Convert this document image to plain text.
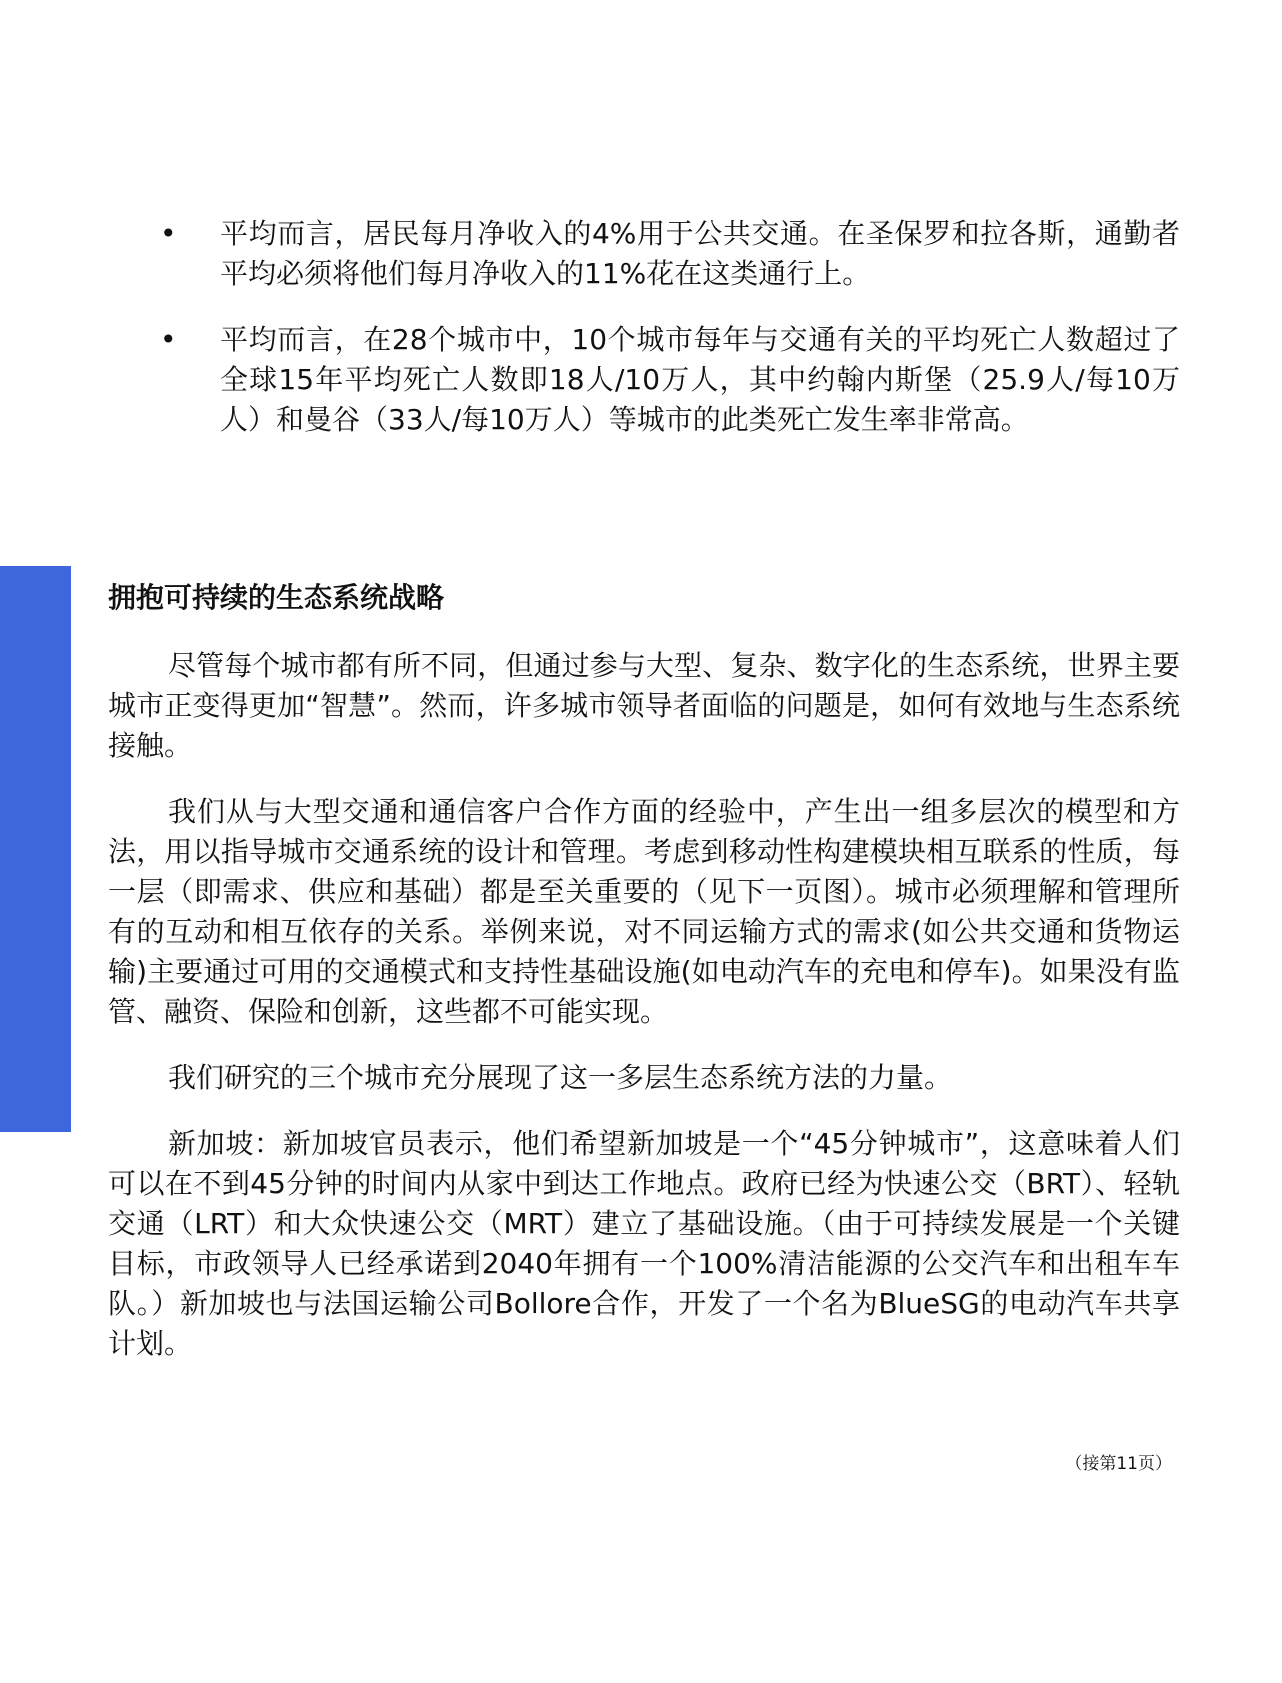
www.strategy-business.com
6
• 平均而言，居民每月净收入的4%用于公共交通。在圣保罗和拉各斯，通勤者平均必须将他们每月净收入的11%花在这类通行上。
• 平均而言，在28个城市中，10个城市每年与交通有关的平均死亡人数超过了全球15年平均死亡人数即18人/10万人，其中约翰内斯堡（25.9人/每10万人）和曼谷（33人/每10万人）等城市的此类死亡发生率非常高。
拥抱可持续的生态系统战略

尽管每个城市都有所不同，但通过参与大型、复杂、数字化的生态系统，世界主要城市正变得更加“智慧”。然而，许多城市领导者面临的问题是，如何有效地与生态系统接触。

我们从与大型交通和通信客户合作方面的经验中，产生出一组多层次的模型和方法，用以指导城市交通系统的设计和管理。考虑到移动性构建模块相互联系的性质，每一层（即需求、供应和基础）都是至关重要的（见下一页图）。城市必须理解和管理所有的互动和相互依存的关系。举例来说，对不同运输方式的需求(如公共交通和货物运输)主要通过可用的交通模式和支持性基础设施(如电动汽车的充电和停车)。如果没有监管、融资、保险和创新，这些都不可能实现。

我们研究的三个城市充分展现了这一多层生态系统方法的力量。

新加坡：新加坡官员表示，他们希望新加坡是一个“45分钟城市”，这意味着人们可以在不到45分钟的时间内从家中到达工作地点。政府已经为快速公交（BRT）、轻轨交通（LRT）和大众快速公交（MRT）建立了基础设施。（由于可持续发展是一个关键目标，市政领导人已经承诺到2040年拥有一个100%清洁能源的公交汽车和出租车车队。）新加坡也与法国运输公司Bollore合作，开发了一个名为BlueSG的电动汽车共享计划。

（接第11页）
